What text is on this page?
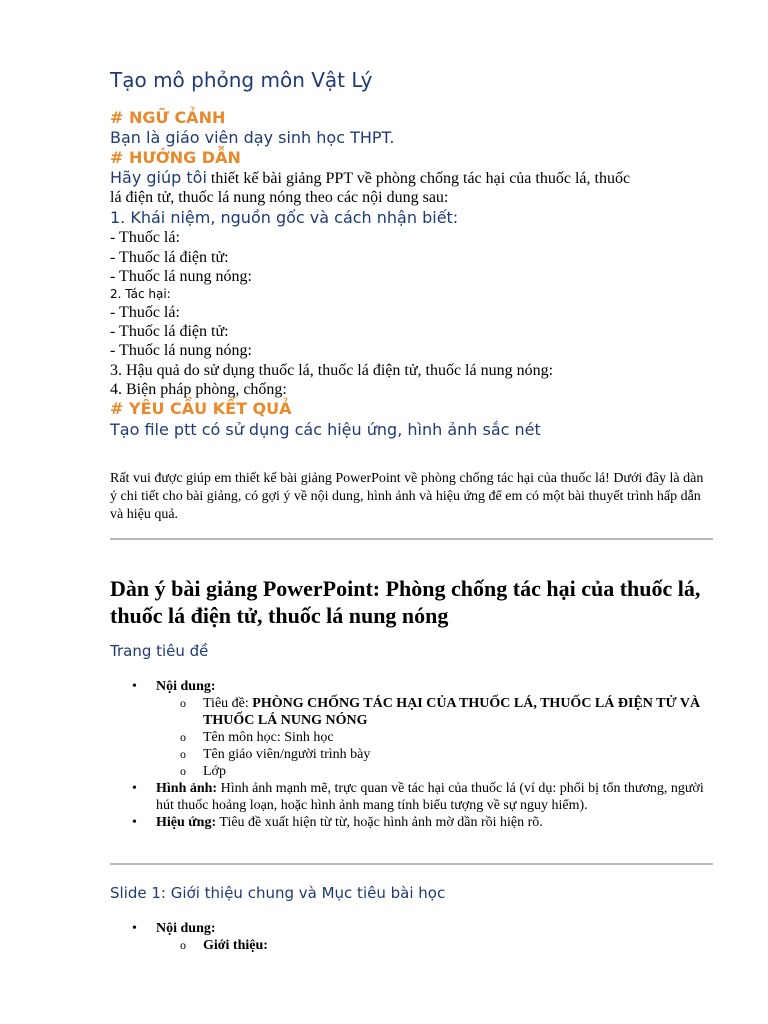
Tạo mô phỏng môn Vật Lý
# NGỮ CẢNH
Bạn là giáo viên dạy sinh học THPT.
# HƯỚNG DẪN
Hãy giúp tôi thiết kế bài giảng PPT về phòng chống tác hại của thuốc lá, thuốc
lá điện tử, thuốc lá nung nóng theo các nội dung sau:
1. Khái niệm, nguồn gốc và cách nhận biết:
- Thuốc lá:
- Thuốc lá điện tử:
- Thuốc lá nung nóng:
2. Tác hại:
- Thuốc lá:
- Thuốc lá điện tử:
- Thuốc lá nung nóng:
3. Hậu quả do sử dụng thuốc lá, thuốc lá điện tử, thuốc lá nung nóng:
4. Biện pháp phòng, chống:
# YÊU CẦU KẾT QUẢ
Tạo file ptt có sử dụng các hiệu ứng, hình ảnh sắc nét
Rất vui được giúp em thiết kế bài giảng PowerPoint về phòng chống tác hại của thuốc lá! Dưới đây là dàn ý chi tiết cho bài giảng, có gợi ý về nội dung, hình ảnh và hiệu ứng để em có một bài thuyết trình hấp dẫn và hiệu quả.
Dàn ý bài giảng PowerPoint: Phòng chống tác hại của thuốc lá, thuốc lá điện tử, thuốc lá nung nóng
Trang tiêu đề
• Nội dung:
o Tiêu đề: PHÒNG CHỐNG TÁC HẠI CỦA THUỐC LÁ, THUỐC LÁ ĐIỆN TỬ VÀ THUỐC LÁ NUNG NÓNG
o Tên môn học: Sinh học
o Tên giáo viên/người trình bày
o Lớp
• Hình ảnh: Hình ảnh mạnh mẽ, trực quan về tác hại của thuốc lá (ví dụ: phổi bị tổn thương, người hút thuốc hoảng loạn, hoặc hình ảnh mang tính biểu tượng về sự nguy hiểm).
• Hiệu ứng: Tiêu đề xuất hiện từ từ, hoặc hình ảnh mờ dần rồi hiện rõ.
Slide 1: Giới thiệu chung và Mục tiêu bài học
• Nội dung:
o Giới thiệu:
